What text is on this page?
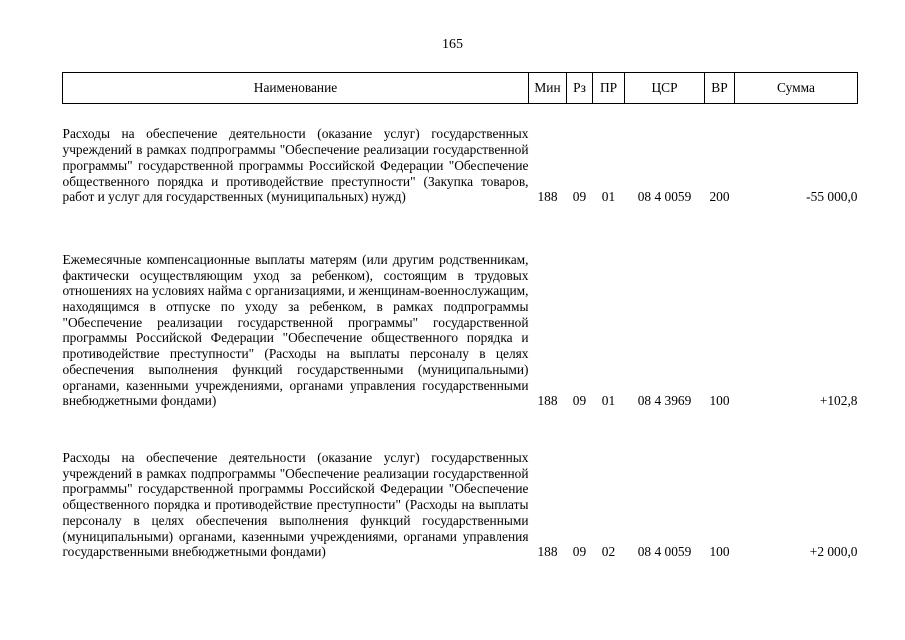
165
Наименование	Мин	Рз	ПР	ЦСР	ВР	Сумма
Расходы на обеспечение деятельности (оказание услуг) государственных учреждений в рамках подпрограммы "Обеспечение реализации государственной программы" государственной программы Российской Федерации "Обеспечение общественного порядка и противодействие преступности" (Закупка товаров, работ и услуг для государственных (муниципальных) нужд)	188	09	01	08 4 0059	200	-55 000,0
Ежемесячные компенсационные выплаты матерям (или другим родственникам, фактически осуществляющим уход за ребенком), состоящим в трудовых отношениях на условиях найма с организациями, и женщинам-военнослужащим, находящимся в отпуске по уходу за ребенком, в рамках подпрограммы "Обеспечение реализации государственной программы" государственной программы Российской Федерации "Обеспечение общественного порядка и противодействие преступности" (Расходы на выплаты персоналу в целях обеспечения выполнения функций государственными (муниципальными) органами, казенными учреждениями, органами управления государственными внебюджетными фондами)	188	09	01	08 4 3969	100	+102,8
Расходы на обеспечение деятельности (оказание услуг) государственных учреждений в рамках подпрограммы "Обеспечение реализации государственной программы" государственной программы Российской Федерации "Обеспечение общественного порядка и противодействие преступности" (Расходы на выплаты персоналу в целях обеспечения выполнения функций государственными (муниципальными) органами, казенными учреждениями, органами управления государственными внебюджетными фондами)	188	09	02	08 4 0059	100	+2 000,0
